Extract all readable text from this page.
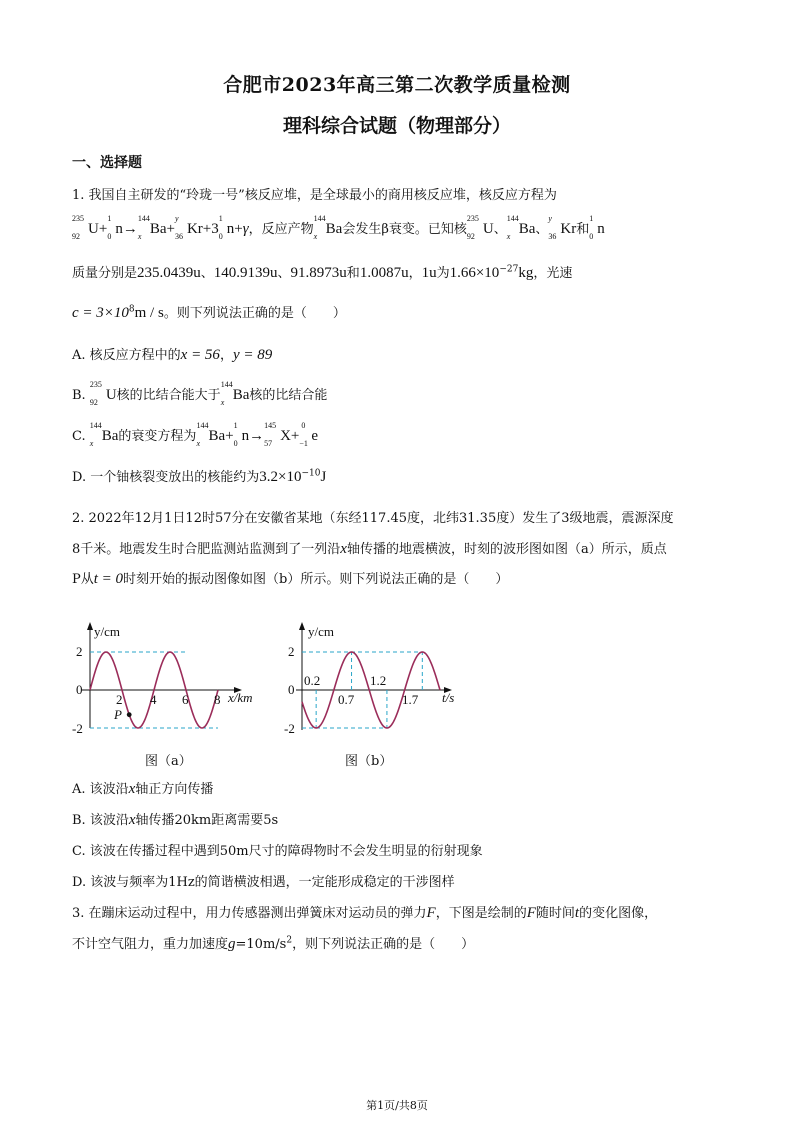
合肥市2023年高三第二次教学质量检测
理科综合试题（物理部分）
一、选择题
1. 我国自主研发的“玲珑一号”核反应堆，是全球最小的商用核反应堆，核反应方程为
235
92 U+
1
0 n→
144
x Ba+
y
36 Kr+3
1
0 n+γ，反应产物
144
x Ba会发生β衰变。已知核
235
92 U、
144
x Ba、
y
36 Kr和
1
0 n
质量分别是235.0439u、140.9139u、91.8973u和1.0087u，1u为$1.66\times 10^{-27}kg$，光速
$c = 3\times 10^8m / s$。则下列说法正确的是（　　）
A. 核反应方程中的x = 56，y = 89
B.
235
92 U核的比结合能大于
144
x Ba核的比结合能
C.
144
x Ba的衰变方程为
144
x Ba+
1
0 n→
145
57 X+
0
−1 e
D. 一个铀核裂变放出的核能约为$3.2\times 10^{-10}J$
2. 2022年12月1日12时57分在安徽省某地（东经117.45度，北纬31.35度）发生了3级地震，震源深度
8千米。地震发生时合肥监测站监测到了一列沿x轴传播的地震横波，时刻的波形图如图（a）所示，质点
P从t = 0时刻开始的振动图像如图（b）所示。则下列说法正确的是（　　）
y/cm
x/km
2
0
-2
2 4 6 8
P
图（a）
y/cm
t/s
2
0
-2
0.2
0.7
1.2
1.7
图（b）
A. 该波沿x轴正方向传播
B. 该波沿x轴传播20km距离需要5s
C. 该波在传播过程中遇到50m尺寸的障碍物时不会发生明显的衍射现象
D. 该波与频率为1Hz的简谐横波相遇，一定能形成稳定的干涉图样
3. 在蹦床运动过程中，用力传感器测出弹簧床对运动员的弹力F，下图是绘制的F随时间t的变化图像，
不计空气阻力，重力加速度$g=10m/s^2$，则下列说法正确的是（　　）
第1页/共8页
